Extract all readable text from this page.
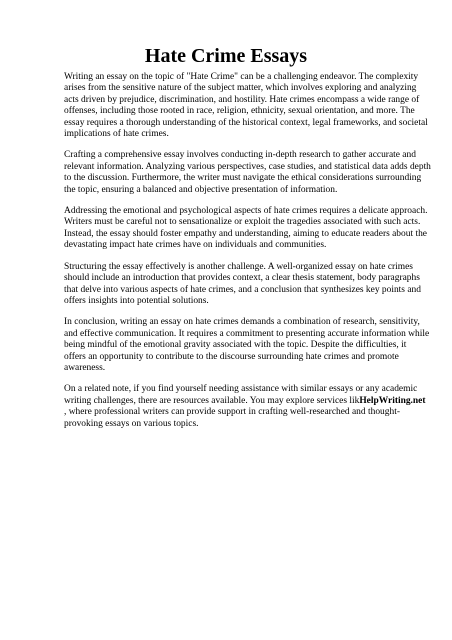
Hate Crime Essays

Writing an essay on the topic of "Hate Crime" can be a challenging endeavor. The complexity
arises from the sensitive nature of the subject matter, which involves exploring and analyzing
acts driven by prejudice, discrimination, and hostility. Hate crimes encompass a wide range of
offenses, including those rooted in race, religion, ethnicity, sexual orientation, and more. The
essay requires a thorough understanding of the historical context, legal frameworks, and societal
implications of hate crimes.

Crafting a comprehensive essay involves conducting in-depth research to gather accurate and
relevant information. Analyzing various perspectives, case studies, and statistical data adds depth
to the discussion. Furthermore, the writer must navigate the ethical considerations surrounding
the topic, ensuring a balanced and objective presentation of information.

Addressing the emotional and psychological aspects of hate crimes requires a delicate approach.
Writers must be careful not to sensationalize or exploit the tragedies associated with such acts.
Instead, the essay should foster empathy and understanding, aiming to educate readers about the
devastating impact hate crimes have on individuals and communities.

Structuring the essay effectively is another challenge. A well-organized essay on hate crimes
should include an introduction that provides context, a clear thesis statement, body paragraphs
that delve into various aspects of hate crimes, and a conclusion that synthesizes key points and
offers insights into potential solutions.

In conclusion, writing an essay on hate crimes demands a combination of research, sensitivity,
and effective communication. It requires a commitment to presenting accurate information while
being mindful of the emotional gravity associated with the topic. Despite the difficulties, it
offers an opportunity to contribute to the discourse surrounding hate crimes and promote
awareness.

On a related note, if you find yourself needing assistance with similar essays or any academic
writing challenges, there are resources available. You may explore services likHelpWriting.net
, where professional writers can provide support in crafting well-researched and thought-
provoking essays on various topics.
